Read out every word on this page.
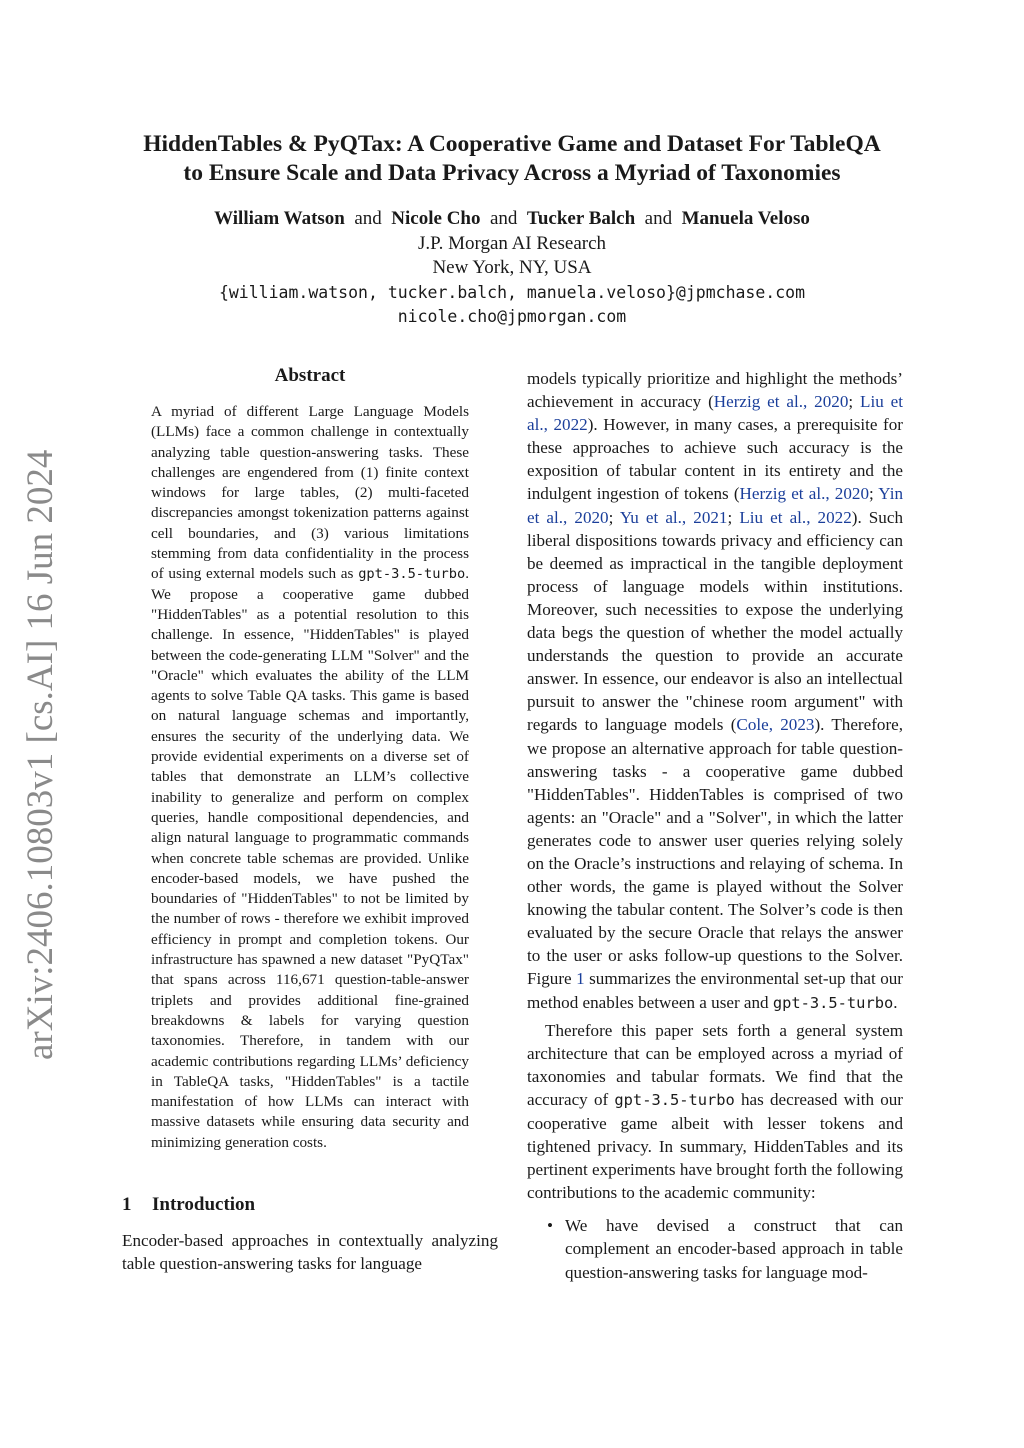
arXiv:2406.10803v1 [cs.AI] 16 Jun 2024
HiddenTables & PyQTax: A Cooperative Game and Dataset For TableQA
to Ensure Scale and Data Privacy Across a Myriad of Taxonomies
William Watson and Nicole Cho and Tucker Balch and Manuela Veloso
J.P. Morgan AI Research
New York, NY, USA
{william.watson, tucker.balch, manuela.veloso}@jpmchase.com
nicole.cho@jpmorgan.com
Abstract

A myriad of different Large Language Models (LLMs) face a common challenge in contextually analyzing table question-answering tasks. These challenges are engendered from (1) finite context windows for large tables, (2) multi-faceted discrepancies amongst tokenization patterns against cell boundaries, and (3) various limitations stemming from data confidentiality in the process of using external models such as gpt-3.5-turbo. We propose a cooperative game dubbed "HiddenTables" as a potential resolution to this challenge. In essence, "HiddenTables" is played between the code-generating LLM "Solver" and the "Oracle" which evaluates the ability of the LLM agents to solve Table QA tasks. This game is based on natural language schemas and importantly, ensures the security of the underlying data. We provide evidential experiments on a diverse set of tables that demonstrate an LLM’s collective inability to generalize and perform on complex queries, handle compositional dependencies, and align natural language to programmatic commands when concrete table schemas are provided. Unlike encoder-based models, we have pushed the boundaries of "HiddenTables" to not be limited by the number of rows - therefore we exhibit improved efficiency in prompt and completion tokens. Our infrastructure has spawned a new dataset "PyQTax" that spans across 116,671 question-table-answer triplets and provides additional fine-grained breakdowns & labels for varying question taxonomies. Therefore, in tandem with our academic contributions regarding LLMs’ deficiency in TableQA tasks, "HiddenTables" is a tactile manifestation of how LLMs can interact with massive datasets while ensuring data security and minimizing generation costs.

1 Introduction

Encoder-based approaches in contextually analyzing table question-answering tasks for language

models typically prioritize and highlight the methods’ achievement in accuracy (Herzig et al., 2020; Liu et al., 2022). However, in many cases, a prerequisite for these approaches to achieve such accuracy is the exposition of tabular content in its entirety and the indulgent ingestion of tokens (Herzig et al., 2020; Yin et al., 2020; Yu et al., 2021; Liu et al., 2022). Such liberal dispositions towards privacy and efficiency can be deemed as impractical in the tangible deployment process of language models within institutions. Moreover, such necessities to expose the underlying data begs the question of whether the model actually understands the question to provide an accurate answer. In essence, our endeavor is also an intellectual pursuit to answer the "chinese room argument" with regards to language models (Cole, 2023). Therefore, we propose an alternative approach for table question-answering tasks - a cooperative game dubbed "HiddenTables". HiddenTables is comprised of two agents: an "Oracle" and a "Solver", in which the latter generates code to answer user queries relying solely on the Oracle’s instructions and relaying of schema. In other words, the game is played without the Solver knowing the tabular content. The Solver’s code is then evaluated by the secure Oracle that relays the answer to the user or asks follow-up questions to the Solver. Figure 1 summarizes the environmental set-up that our method enables between a user and gpt-3.5-turbo.

Therefore this paper sets forth a general system architecture that can be employed across a myriad of taxonomies and tabular formats. We find that the accuracy of gpt-3.5-turbo has decreased with our cooperative game albeit with lesser tokens and tightened privacy. In summary, HiddenTables and its pertinent experiments have brought forth the following contributions to the academic community:

• We have devised a construct that can complement an encoder-based approach in table question-answering tasks for language mod-
